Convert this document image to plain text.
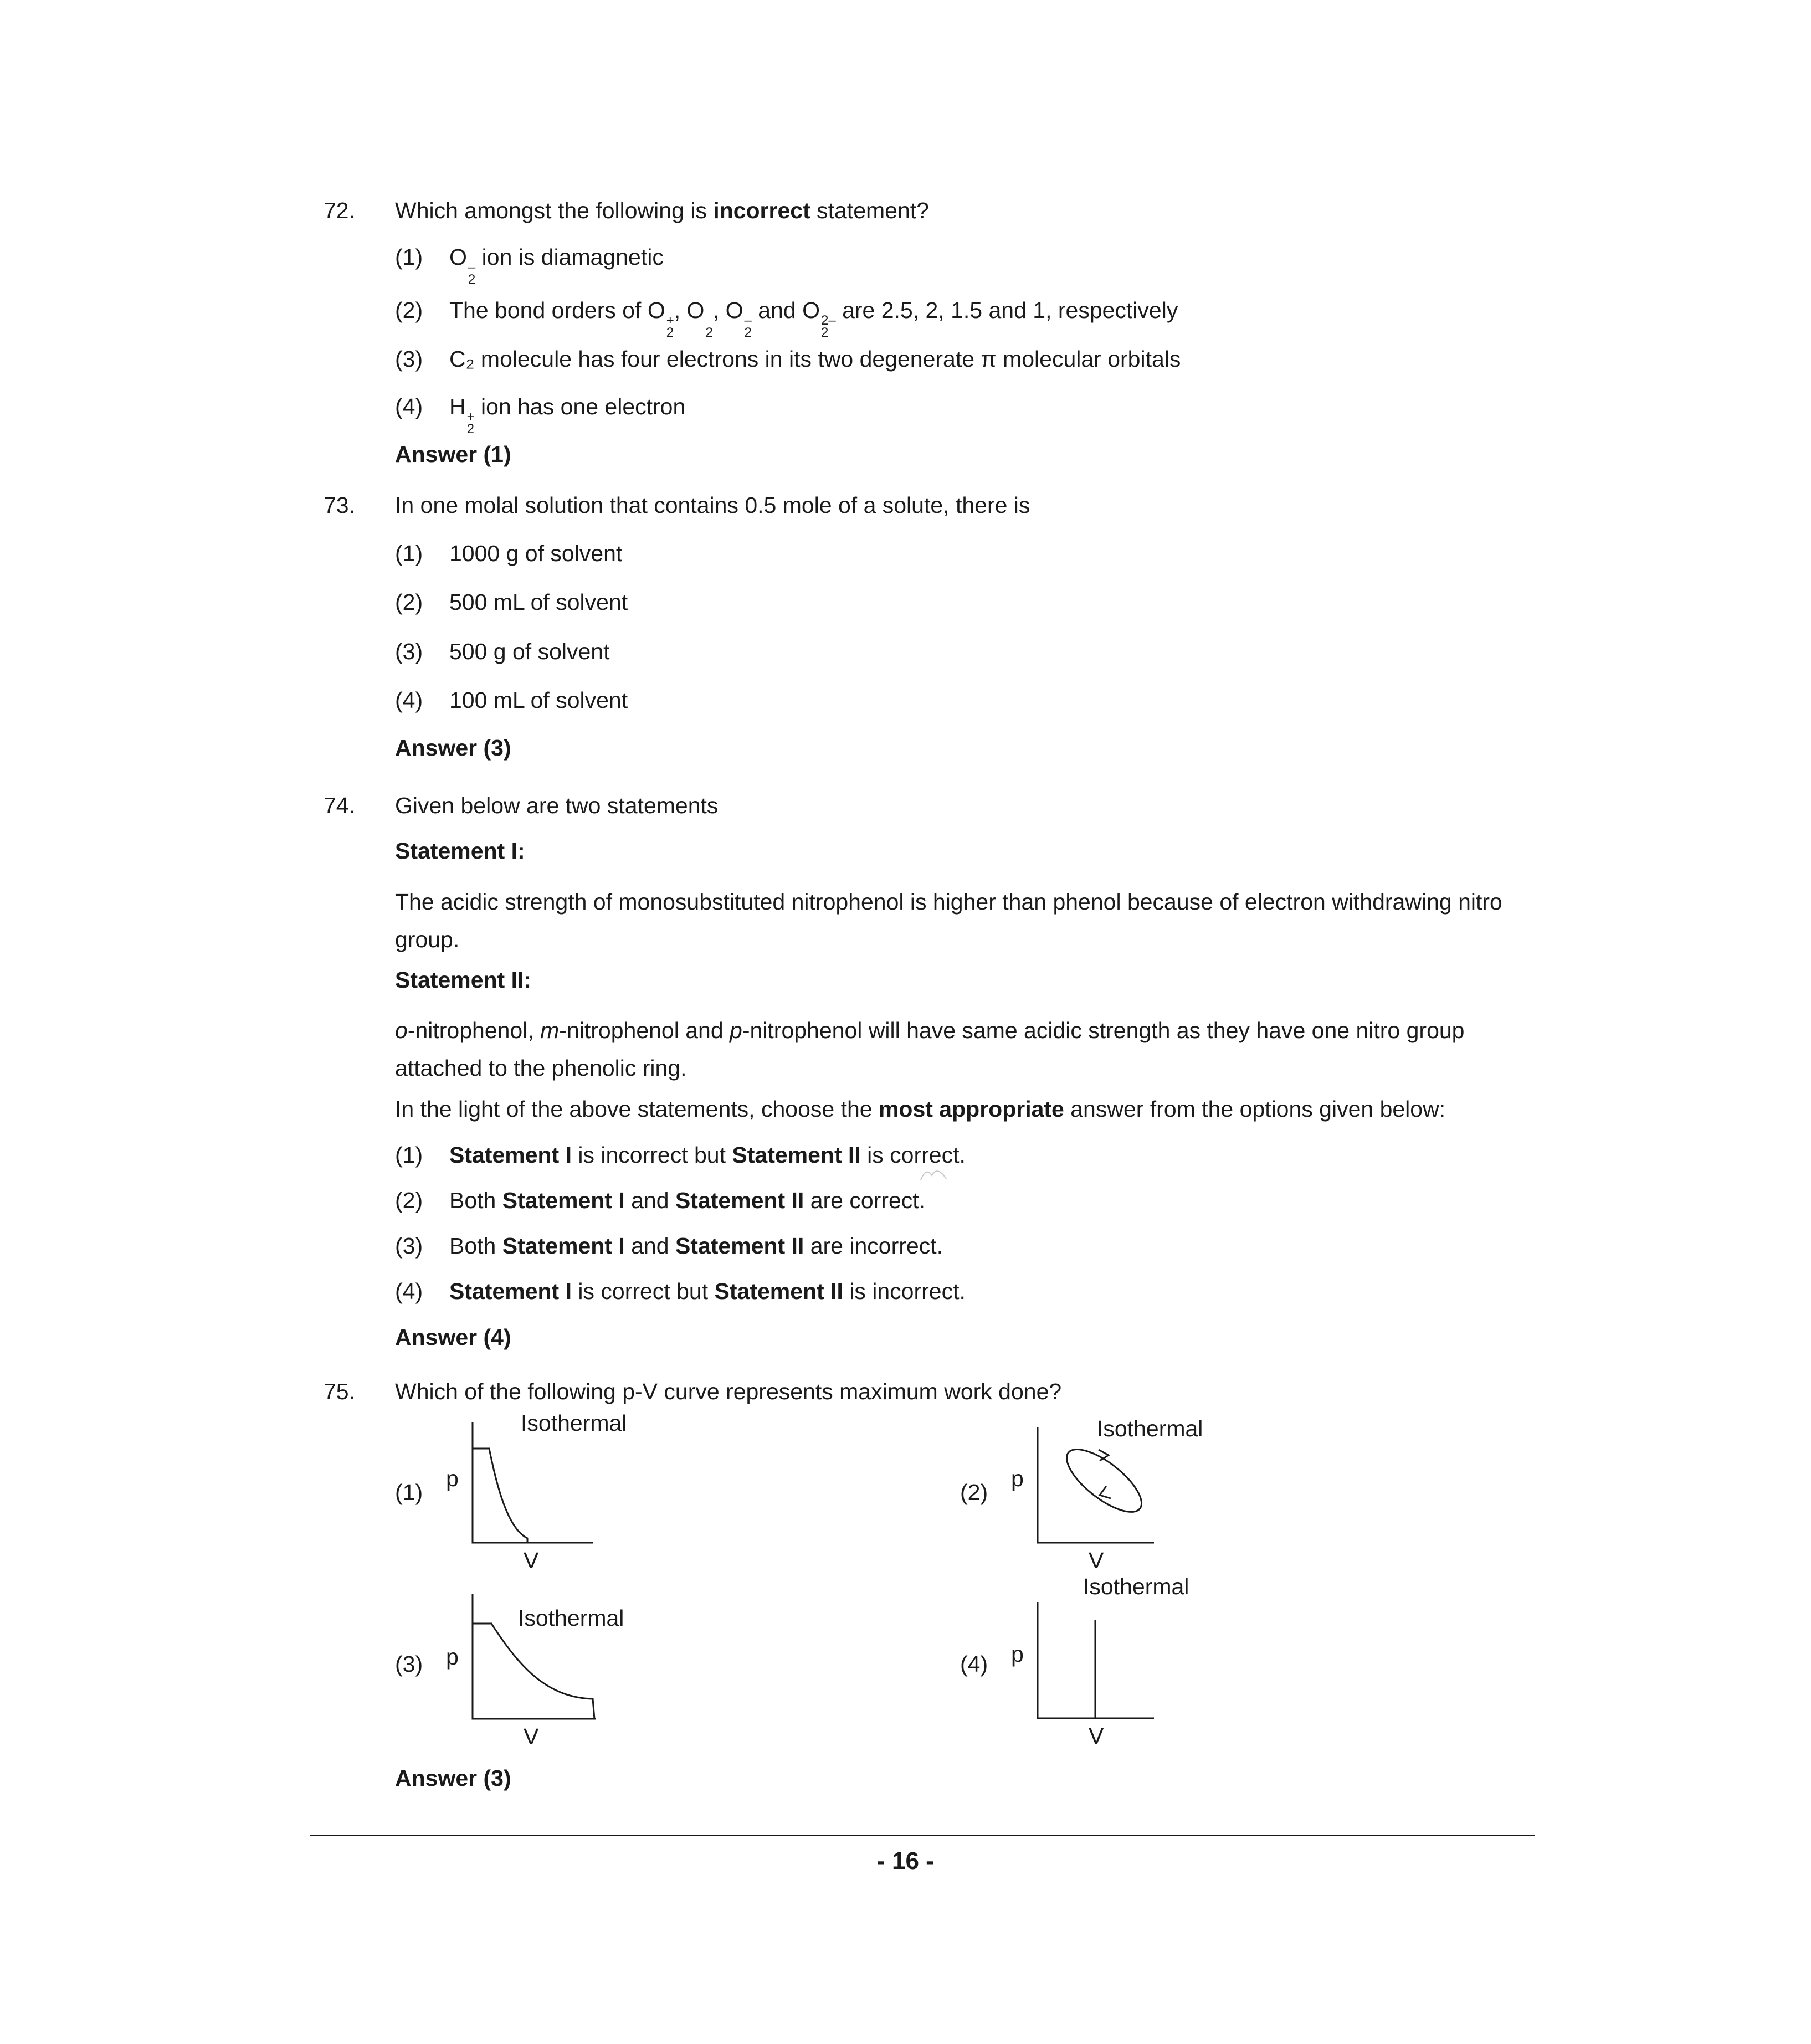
72. Which amongst the following is incorrect statement?
(1) O –
2
ion is diamagnetic
(2) The bond orders of O +
2
, O

2
, O –
2
and O 2–
2
are 2.5, 2, 1.5 and 1, respectively
(3) C₂ molecule has four electrons in its two degenerate π molecular orbitals
(4) H +
2
ion has one electron
Answer (1)
73. In one molal solution that contains 0.5 mole of a solute, there is
(1) 1000 g of solvent
(2) 500 mL of solvent
(3) 500 g of solvent
(4) 100 mL of solvent
Answer (3)
74. Given below are two statements
Statement I:
The acidic strength of monosubstituted nitrophenol is higher than phenol because of electron withdrawing nitro group.
Statement II:
o-nitrophenol, m-nitrophenol and p-nitrophenol will have same acidic strength as they have one nitro group attached to the phenolic ring.
In the light of the above statements, choose the most appropriate answer from the options given below:
(1) Statement I is incorrect but Statement II is correct.
(2) Both Statement I and Statement II are correct.
(3) Both Statement I and Statement II are incorrect.
(4) Statement I is correct but Statement II is incorrect.
Answer (4)
75. Which of the following p-V curve represents maximum work done?
(1)
Isothermal
p
V
(2)
Isothermal
p
V
(3)
Isothermal
p
V
(4)
Isothermal
p
V
Answer (3)
- 16 -
